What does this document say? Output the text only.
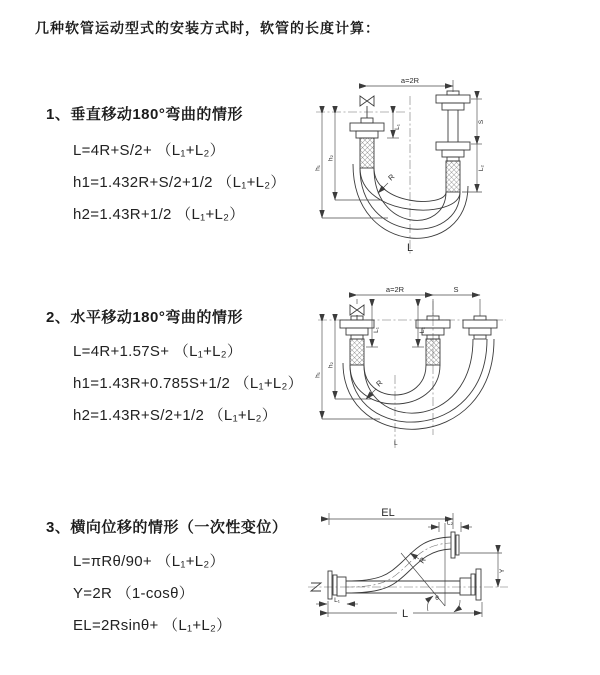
几种软管运动型式的安装方式时，软管的长度计算：
1、垂直移动180°弯曲的情形
L=4R+S/2+ （L₁+L₂）
h1=1.432R+S/2+1/2 （L₁+L₂）
h2=1.43R+1/2 （L₁+L₂）
2、水平移动180°弯曲的情形
L=4R+1.57S+ （L₁+L₂）
h1=1.43R+0.785S+1/2 （L₁+L₂）
h2=1.43R+S/2+1/2 （L₁+L₂）
3、横向位移的情形（一次性变位）
L=πRθ/90+ （L₁+L₂）
Y=2R （1-cosθ）
EL=2Rsinθ+ （L₁+L₂）
a=2R
R
L
h₁
h₂
L₁
S
L₂
a=2R	S
h₁
h₂
L₁	L₂
R
L
EL
L₂
Y
R
θ
L₁
L
